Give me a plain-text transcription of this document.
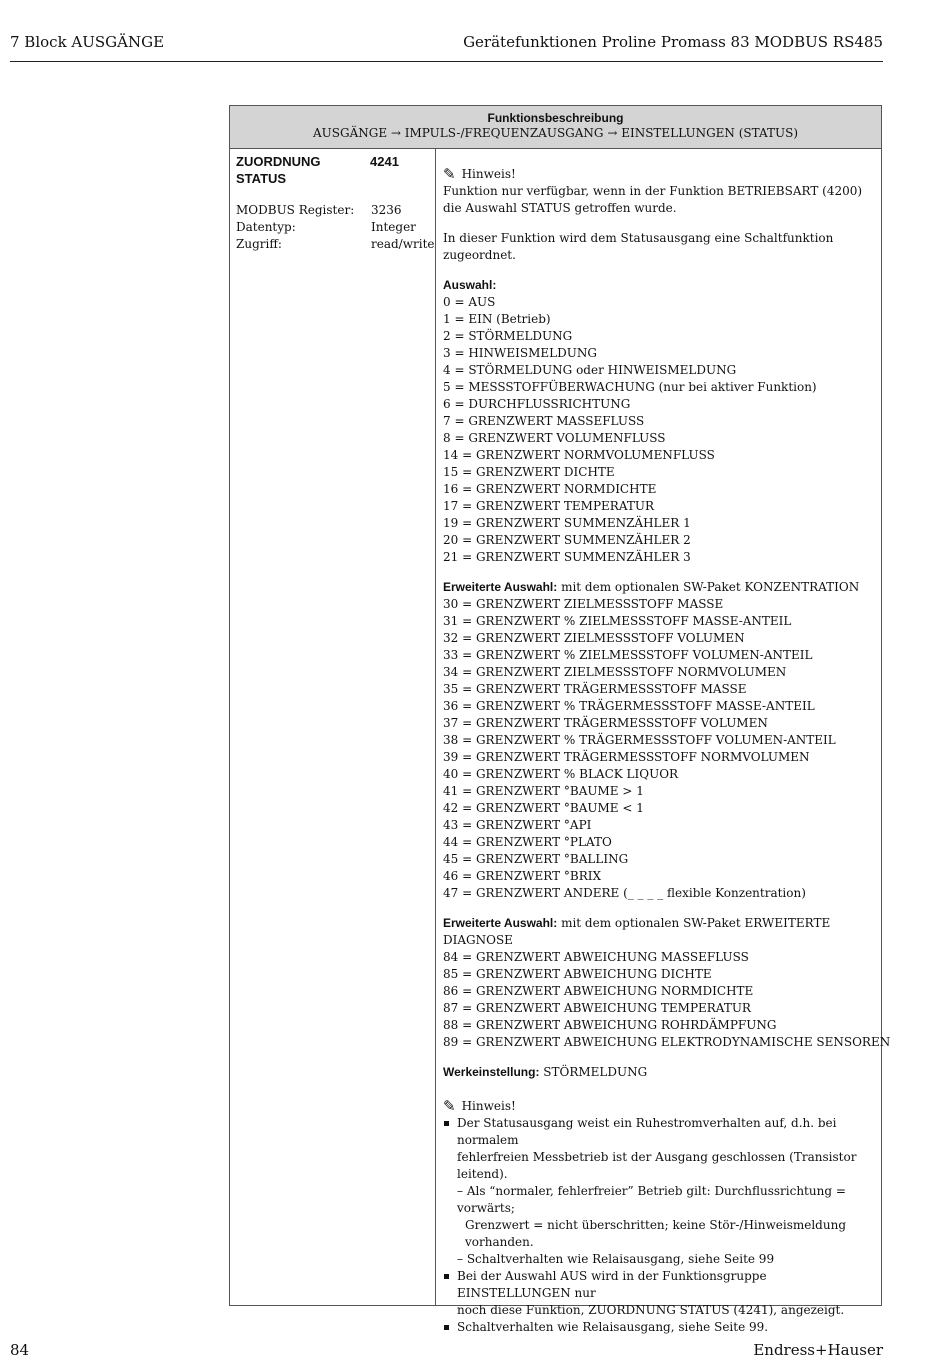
7 Block AUSGÄNGE	Gerätefunktionen Proline Promass 83 MODBUS RS485
Funktionsbeschreibung
AUSGÄNGE → IMPULS-/FREQUENZAUSGANG → EINSTELLUNGEN (STATUS)
ZUORDNUNG STATUS
4241
MODBUS Register: 3236
Datentyp:	Integer
Zugriff:	read/write
✎ Hinweis!

Funktion nur verfügbar, wenn in der Funktion BETRIEBSART (4200) die Auswahl STATUS getroffen wurde.

In dieser Funktion wird dem Statusausgang eine Schaltfunktion zugeordnet.

Auswahl:

0 = AUS
1 = EIN (Betrieb)
2 = STÖRMELDUNG
3 = HINWEISMELDUNG
4 = STÖRMELDUNG oder HINWEISMELDUNG
5 = MESSSTOFFÜBERWACHUNG (nur bei aktiver Funktion)
6 = DURCHFLUSSRICHTUNG
7 = GRENZWERT MASSEFLUSS
8 = GRENZWERT VOLUMENFLUSS
14 = GRENZWERT NORMVOLUMENFLUSS
15 = GRENZWERT DICHTE
16 = GRENZWERT NORMDICHTE
17 = GRENZWERT TEMPERATUR
19 = GRENZWERT SUMMENZÄHLER 1
20 = GRENZWERT SUMMENZÄHLER 2
21 = GRENZWERT SUMMENZÄHLER 3

Erweiterte Auswahl: mit dem optionalen SW-Paket KONZENTRATION

30 = GRENZWERT ZIELMESSSTOFF MASSE
31 = GRENZWERT % ZIELMESSSTOFF MASSE-ANTEIL
32 = GRENZWERT ZIELMESSSTOFF VOLUMEN
33 = GRENZWERT % ZIELMESSSTOFF VOLUMEN-ANTEIL
34 = GRENZWERT ZIELMESSSTOFF NORMVOLUMEN
35 = GRENZWERT TRÄGERMESSSTOFF MASSE
36 = GRENZWERT % TRÄGERMESSSTOFF MASSE-ANTEIL
37 = GRENZWERT TRÄGERMESSSTOFF VOLUMEN
38 = GRENZWERT % TRÄGERMESSSTOFF VOLUMEN-ANTEIL
39 = GRENZWERT TRÄGERMESSSTOFF NORMVOLUMEN
40 = GRENZWERT % BLACK LIQUOR
41 = GRENZWERT °BAUME > 1
42 = GRENZWERT °BAUME < 1
43 = GRENZWERT °API
44 = GRENZWERT °PLATO
45 = GRENZWERT °BALLING
46 = GRENZWERT °BRIX
47 = GRENZWERT ANDERE (_ _ _ _ flexible Konzentration)

Erweiterte Auswahl: mit dem optionalen SW-Paket ERWEITERTE DIAGNOSE

84 = GRENZWERT ABWEICHUNG MASSEFLUSS
85 = GRENZWERT ABWEICHUNG DICHTE
86 = GRENZWERT ABWEICHUNG NORMDICHTE
87 = GRENZWERT ABWEICHUNG TEMPERATUR
88 = GRENZWERT ABWEICHUNG ROHRDÄMPFUNG
89 = GRENZWERT ABWEICHUNG ELEKTRODYNAMISCHE SENSOREN

Werkeinstellung: STÖRMELDUNG

✎ Hinweis!
Der Statusausgang weist ein Ruhestromverhalten auf, d.h. bei normalem
fehlerfreien Messbetrieb ist der Ausgang geschlossen (Transistor leitend).
– Als “normaler, fehlerfreier” Betrieb gilt: Durchflussrichtung = vorwärts;
Grenzwert = nicht überschritten; keine Stör-/Hinweismeldung vorhanden.
– Schaltverhalten wie Relaisausgang, siehe Seite 99
Bei der Auswahl AUS wird in der Funktionsgruppe EINSTELLUNGEN nur
noch diese Funktion, ZUORDNUNG STATUS (4241), angezeigt.
Schaltverhalten wie Relaisausgang, siehe Seite 99.
84	Endress+Hauser
